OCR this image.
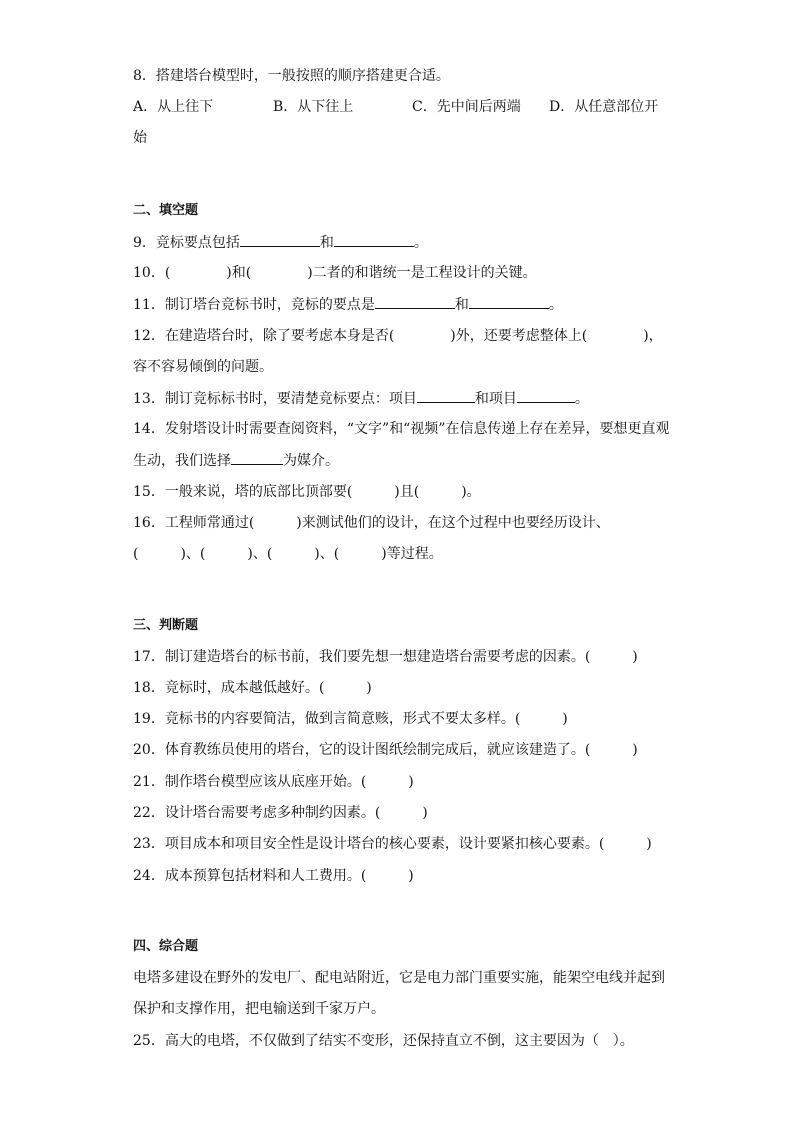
8．搭建塔台模型时，一般按照的顺序搭建更合适。
A．从上往下	B．从下往上	C．先中间后两端 D．从任意部位开
始
二、填空题
9．竞标要点包括	和	。
10．(　　　　)和(　　　　)二者的和谐统一是工程设计的关键。
11．制订塔台竞标书时，竞标的要点是	和	。
12．在建造塔台时，除了要考虑本身是否(　　　　)外，还要考虑整体上(　　　　)，
容不容易倾倒的问题。
13．制订竞标标书时，要清楚竞标要点：项目	和项目	。
14．发射塔设计时需要查阅资料，“文字”和“视频”在信息传递上存在差异，要想更直观
生动，我们选择	为媒介。
15．一般来说，塔的底部比顶部要(　　　)且(　　　)。
16．工程师常通过(　　　)来测试他们的设计，在这个过程中也要经历设计、
(　　　)、(　　　)、(　　　)、(　　　)等过程。
三、判断题
17．制订建造塔台的标书前，我们要先想一想建造塔台需要考虑的因素。(　　　)
18．竞标时，成本越低越好。(　　　)
19．竞标书的内容要简洁，做到言简意赅，形式不要太多样。(　　　)
20．体育教练员使用的塔台，它的设计图纸绘制完成后，就应该建造了。(　　　)
21．制作塔台模型应该从底座开始。(　　　)
22．设计塔台需要考虑多种制约因素。(　　　)
23．项目成本和项目安全性是设计塔台的核心要素，设计要紧扣核心要素。(　　　)
24．成本预算包括材料和人工费用。(　　　)
四、综合题
电塔多建设在野外的发电厂、配电站附近，它是电力部门重要实施，能架空电线并起到
保护和支撑作用，把电输送到千家万户。
25．高大的电塔，不仅做到了结实不变形，还保持直立不倒，这主要因为（　）。
